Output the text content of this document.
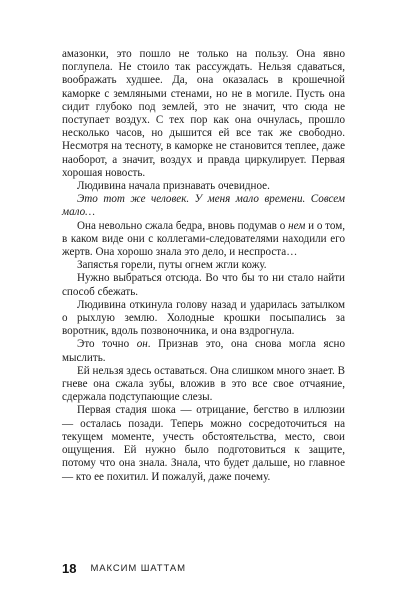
амазонки, это пошло не только на пользу. Она явно поглупела. Не стоило так рассуждать. Нельзя сдаваться, воображать худшее. Да, она оказалась в крошечной каморке с земляными стенами, но не в могиле. Пусть она сидит глубоко под землей, это не значит, что сюда не поступает воздух. С тех пор как она очнулась, прошло несколько часов, но дышится ей все так же свободно. Несмотря на тесноту, в каморке не становится теплее, даже наоборот, а значит, воздух и правда циркулирует. Первая хорошая новость.

Людивина начала признавать очевидное.

Это тот же человек. У меня мало времени. Совсем мало…

Она невольно сжала бедра, вновь подумав о нем и о том, в каком виде они с коллегами-следователями находили его жертв. Она хорошо знала это дело, и неспроста…

Запястья горели, путы огнем жгли кожу.

Нужно выбраться отсюда. Во что бы то ни стало найти способ сбежать.

Людивина откинула голову назад и ударилась затылком о рыхлую землю. Холодные крошки посыпались за воротник, вдоль позвоночника, и она вздрогнула.

Это точно он. Признав это, она снова могла ясно мыслить.

Ей нельзя здесь оставаться. Она слишком много знает. В гневе она сжала зубы, вложив в это все свое отчаяние, сдержала подступающие слезы.

Первая стадия шока — отрицание, бегство в иллюзии — осталась позади. Теперь можно сосредоточиться на текущем моменте, учесть обстоятельства, место, свои ощущения. Ей нужно было подготовиться к защите, потому что она знала. Знала, что будет дальше, но главное — кто ее похитил. И пожалуй, даже почему.

18 МАКСИМ ШАТТАМ
